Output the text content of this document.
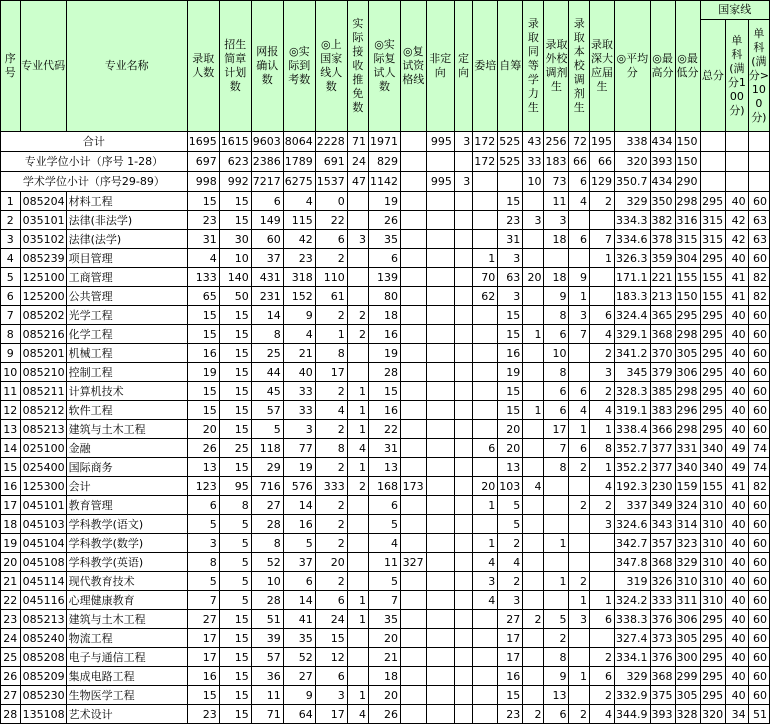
序号	专业代码	专业名称	录取人数	招生简章计划数	网报确认数	◎实际到考数	◎上国家线人数	实际接收推免数	◎实际复试人数	◎复试资格线	非定向	定向	委培	自筹	录取同等学力生	录取外校调剂生	录取本校调剂生	录取深大应届生	◎平均分	◎最高分	◎最低分	国家线		
																						总分	单科(满分100分)	单科(满分>100分)
合计			1695	1615	9603	8064	2228	71	1971		995	3	172	525	43	256	72	195	338	434	150			
专业学位小计（序号 1-28）			697	623	2386	1789	691	24	829				172	525	33	183	66	66	320	393	150			
学术学位小计（序号29-89）			998	992	7217	6275	1537	47	1142		995	3			10	73	6	129	350.7	434	290			
1	085204	材料工程	15	15	6	4	0		19					15		11	4	2	329	350	298	295	40	60
2	035101	法律(非法学)	23	15	149	115	22		26					23	3	3			334.3	382	316	315	42	63
3	035102	法律(法学)	31	30	60	42	6	3	35					31		18	6	7	334.6	378	315	315	42	63
4	085239	项目管理	4	10	37	23	2		6				1	3				1	326.3	359	304	295	40	60
5	125100	工商管理	133	140	431	318	110		139				70	63	20	18	9		171.1	221	155	155	41	82
6	125200	公共管理	65	50	231	152	61		80				62	3		9	1		183.3	213	150	155	41	82
7	085202	光学工程	15	15	14	9	2	2	18					15		8	3	6	324.4	365	295	295	40	60
8	085216	化学工程	15	15	8	4	1	2	16					15	1	6	7	4	329.1	368	298	295	40	60
9	085201	机械工程	16	15	25	21	8		19					16		10		2	341.2	370	305	295	40	60
10	085210	控制工程	19	15	44	40	17		28					19		8		3	345	379	306	295	40	60
11	085211	计算机技术	15	15	45	33	2	1	15					15		6	6	2	328.3	385	298	295	40	60
12	085212	软件工程	15	15	57	33	4	1	16					15	1	6	4	4	319.1	383	296	295	40	60
13	085213	建筑与土木工程	20	15	5	3	2	1	22					20		17	1	1	338.4	366	298	295	40	60
14	025100	金融	26	25	118	77	8	4	31				6	20		7	6	8	352.7	377	331	340	49	74
15	025400	国际商务	13	15	29	19	2	1	13					13		8	2	1	352.2	377	340	340	49	74
16	125300	会计	123	95	716	576	333	2	168	173			20	103	4			4	192.3	230	159	155	41	82
17	045101	教育管理	6	8	27	14	2		6				1	5			2	2	337	349	324	310	40	60
18	045103	学科教学(语文)	5	5	28	16	2		5					5				3	324.6	343	314	310	40	60
19	045104	学科教学(数学)	3	5	8	5	2		4				1	2		1			342.7	357	323	310	40	60
20	045108	学科教学(英语)	8	5	52	37	20		11	327			4	4					347.8	368	329	310	40	60
21	045114	现代教育技术	5	5	10	6	2		5				3	2		1	2		319	326	310	310	40	60
22	045116	心理健康教育	7	5	28	14	6	1	7				4	3			1	1	324.2	333	311	310	40	60
23	085213	建筑与土木工程	27	15	51	41	24	1	35					27	2	5	3	6	338.3	376	306	295	40	60
24	085240	物流工程	17	15	39	35	15		20					17		2			327.4	373	305	295	40	60
25	085208	电子与通信工程	17	15	57	52	12		21					17		8		2	334.1	376	300	295	40	60
26	085209	集成电路工程	16	15	36	27	6		18					16		9	1	6	329	368	299	295	40	60
27	085230	生物医学工程	15	15	11	9	3	1	20					15		13		2	332.9	375	305	295	40	60
28	135108	艺术设计	23	15	71	64	17	4	26					23	2	6	2	4	344.9	393	328	320	34	51
